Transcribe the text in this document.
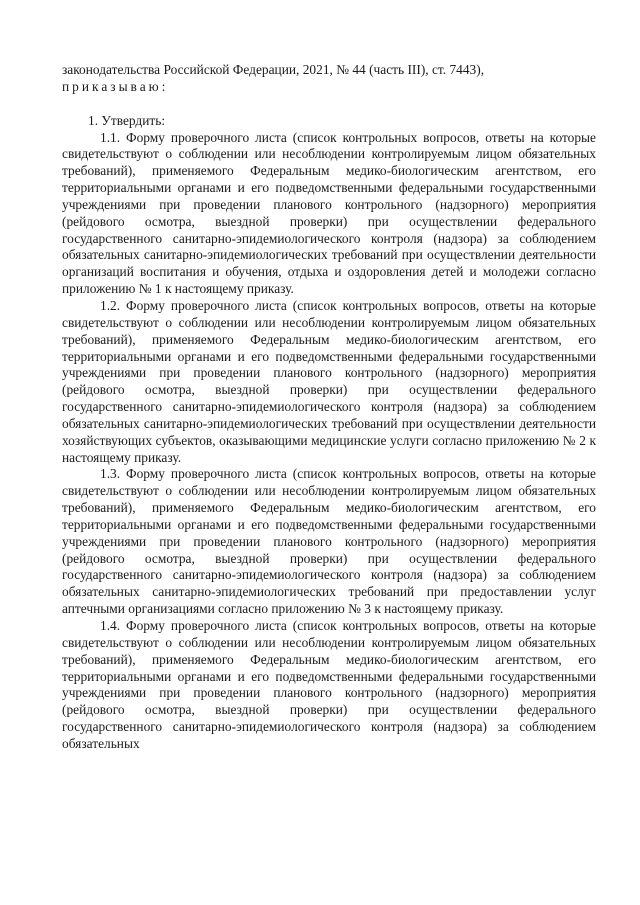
законодательства Российской Федерации, 2021, № 44 (часть III), ст. 7443),

приказываю:

1. Утвердить:

1.1. Форму проверочного листа (список контрольных вопросов, ответы на которые свидетельствуют о соблюдении или несоблюдении контролируемым лицом обязательных требований), применяемого Федеральным медико-биологическим агентством, его территориальными органами и его подведомственными федеральными государственными учреждениями при проведении планового контрольного (надзорного) мероприятия (рейдового осмотра, выездной проверки) при осуществлении федерального государственного санитарно-эпидемиологического контроля (надзора) за соблюдением обязательных санитарно-эпидемиологических требований при осуществлении деятельности организаций воспитания и обучения, отдыха и оздоровления детей и молодежи согласно приложению № 1 к настоящему приказу.

1.2. Форму проверочного листа (список контрольных вопросов, ответы на которые свидетельствуют о соблюдении или несоблюдении контролируемым лицом обязательных требований), применяемого Федеральным медико-биологическим агентством, его территориальными органами и его подведомственными федеральными государственными учреждениями при проведении планового контрольного (надзорного) мероприятия (рейдового осмотра, выездной проверки) при осуществлении федерального государственного санитарно-эпидемиологического контроля (надзора) за соблюдением обязательных санитарно-эпидемиологических требований при осуществлении деятельности хозяйствующих субъектов, оказывающими медицинские услуги согласно приложению № 2 к настоящему приказу.

1.3. Форму проверочного листа (список контрольных вопросов, ответы на которые свидетельствуют о соблюдении или несоблюдении контролируемым лицом обязательных требований), применяемого Федеральным медико-биологическим агентством, его территориальными органами и его подведомственными федеральными государственными учреждениями при проведении планового контрольного (надзорного) мероприятия (рейдового осмотра, выездной проверки) при осуществлении федерального государственного санитарно-эпидемиологического контроля (надзора) за соблюдением обязательных санитарно-эпидемиологических требований при предоставлении услуг аптечными организациями согласно приложению № 3 к настоящему приказу.

1.4. Форму проверочного листа (список контрольных вопросов, ответы на которые свидетельствуют о соблюдении или несоблюдении контролируемым лицом обязательных требований), применяемого Федеральным медико-биологическим агентством, его территориальными органами и его подведомственными федеральными государственными учреждениями при проведении планового контрольного (надзорного) мероприятия (рейдового осмотра, выездной проверки) при осуществлении федерального государственного санитарно-эпидемиологического контроля (надзора) за соблюдением обязательных
